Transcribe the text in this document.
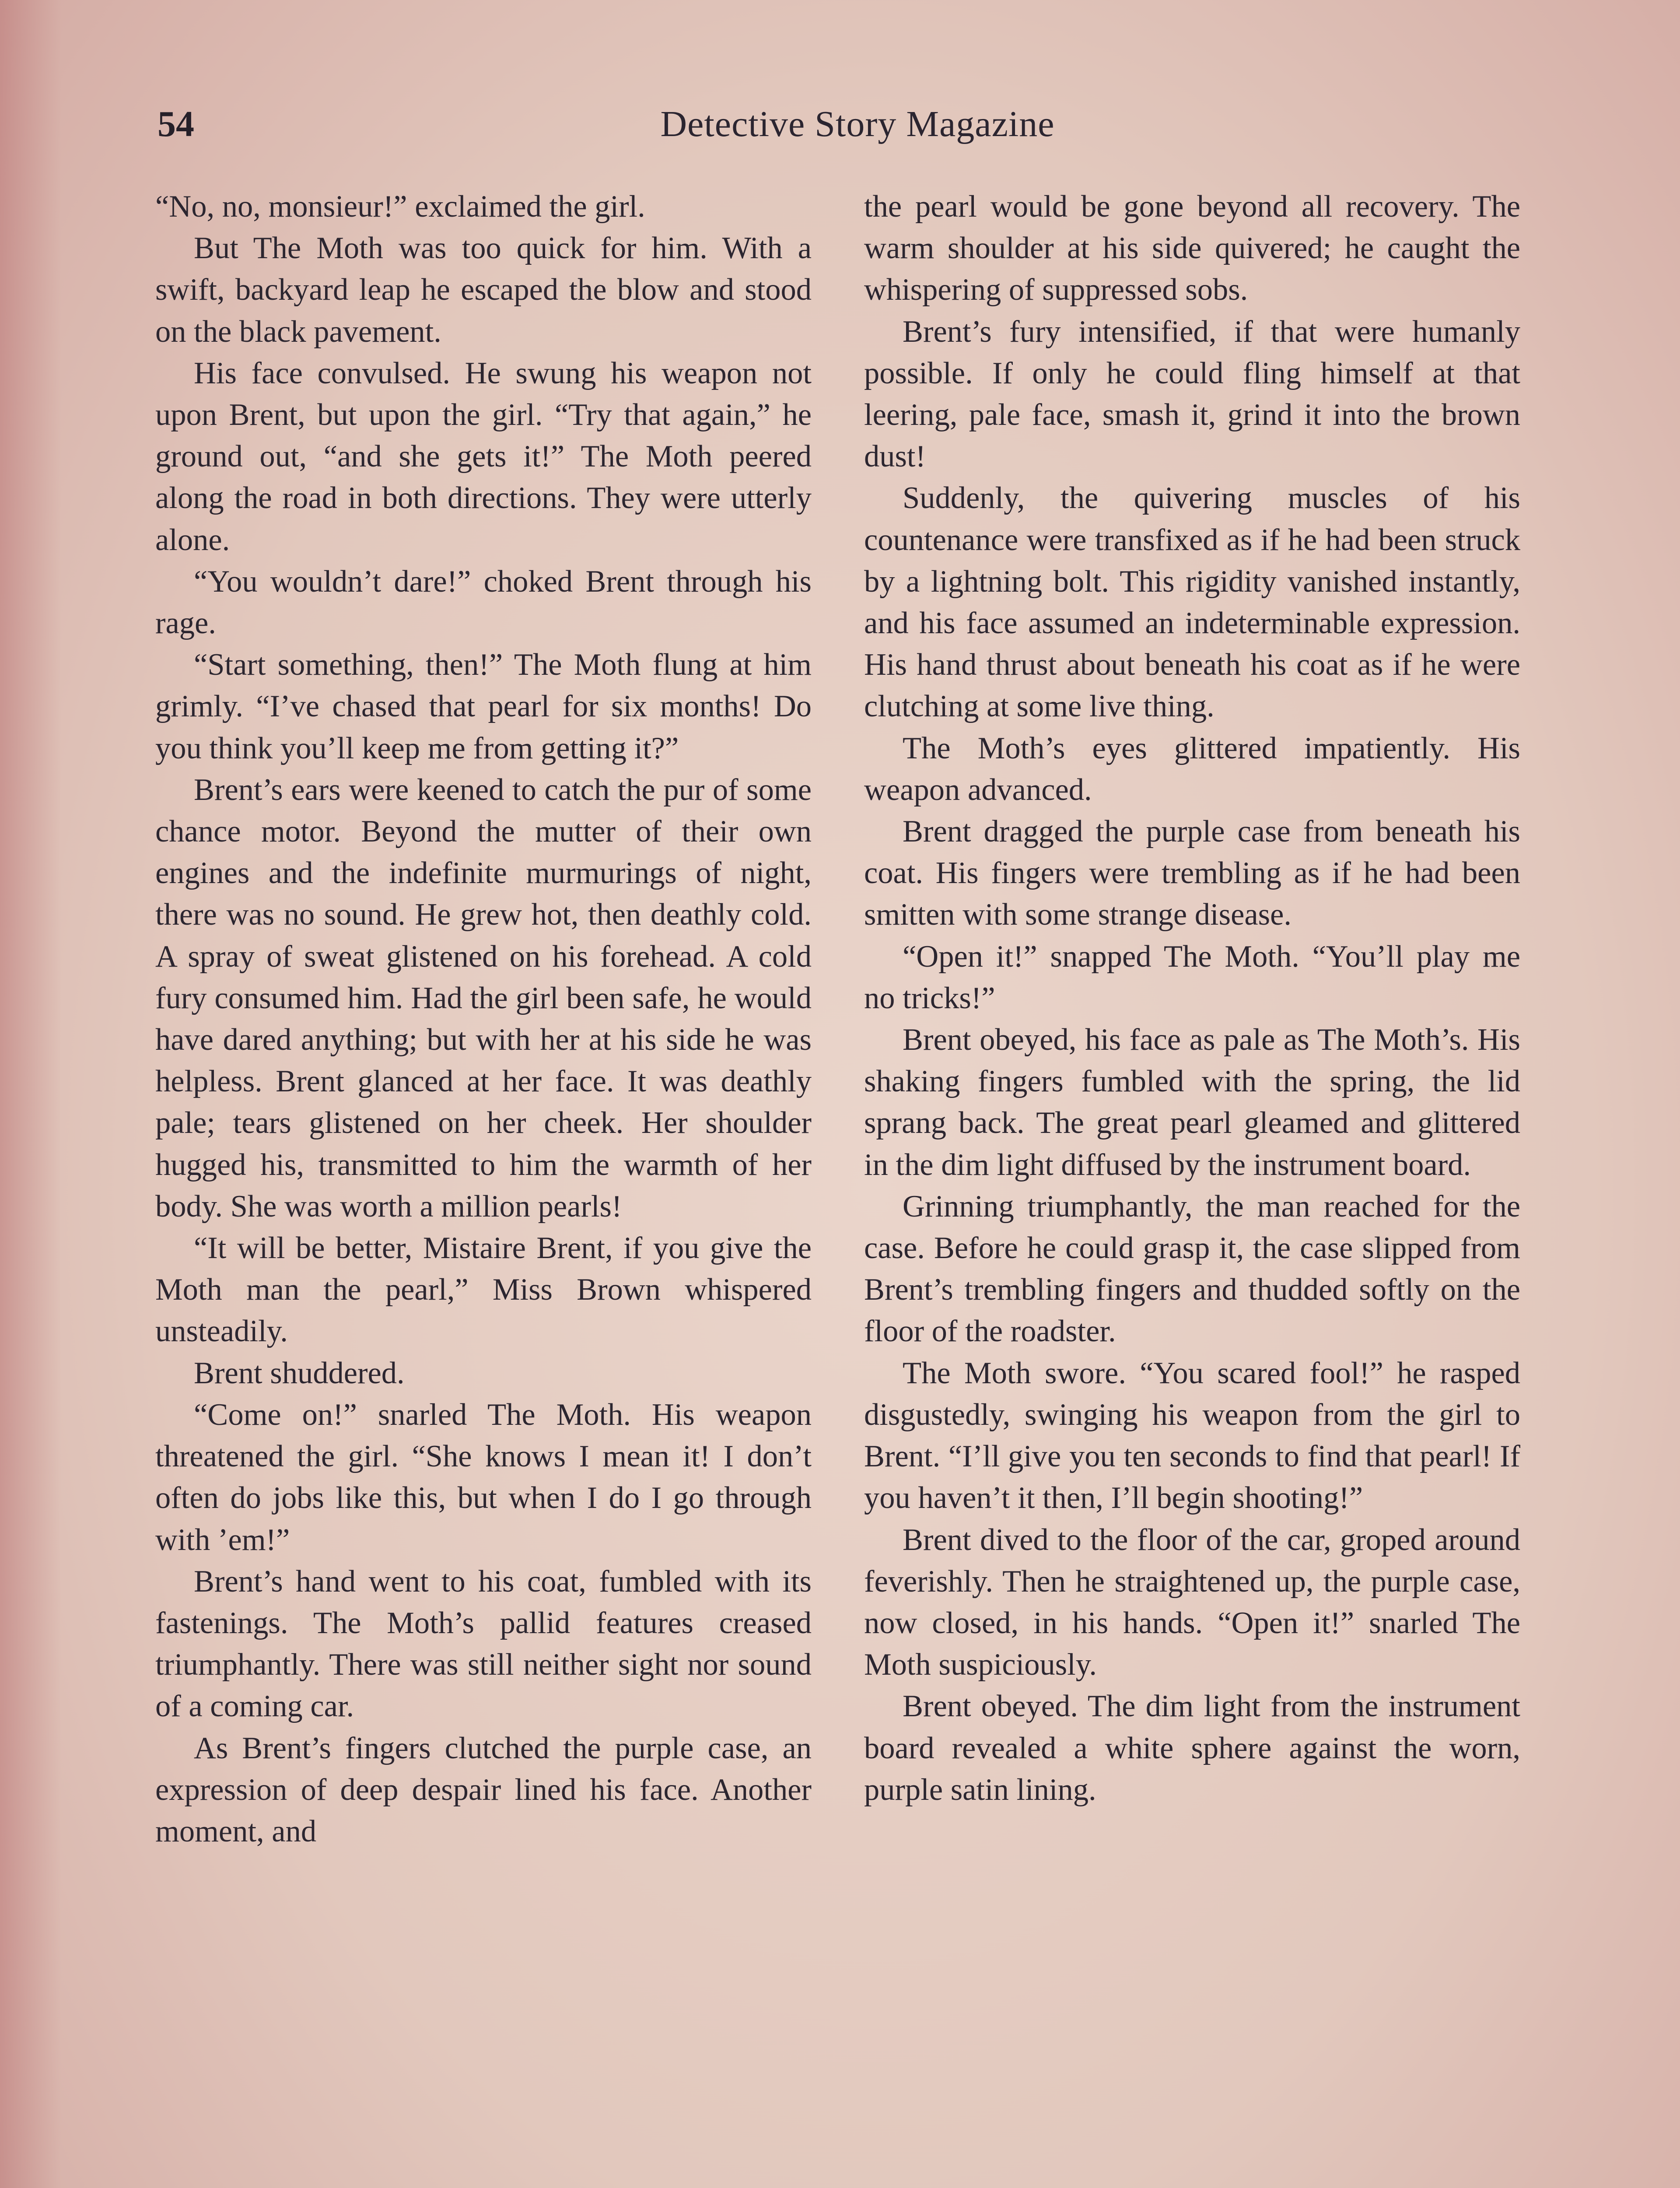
54	Detective Story Magazine

“No, no, monsieur!” exclaimed the girl.

But The Moth was too quick for him. With a swift, backyard leap he escaped the blow and stood on the black pavement.

His face convulsed. He swung his weapon not upon Brent, but upon the girl. “Try that again,” he ground out, “and she gets it!” The Moth peered along the road in both directions. They were utterly alone.

“You wouldn’t dare!” choked Brent through his rage.

“Start something, then!” The Moth flung at him grimly. “I’ve chased that pearl for six months! Do you think you’ll keep me from getting it?”

Brent’s ears were keened to catch the pur of some chance motor. Beyond the mutter of their own engines and the indefinite murmurings of night, there was no sound. He grew hot, then deathly cold. A spray of sweat glistened on his forehead. A cold fury consumed him. Had the girl been safe, he would have dared anything; but with her at his side he was helpless. Brent glanced at her face. It was deathly pale; tears glistened on her cheek. Her shoulder hugged his, transmitted to him the warmth of her body. She was worth a million pearls!

“It will be better, Mistaire Brent, if you give the Moth man the pearl,” Miss Brown whispered unsteadily.

Brent shuddered.

“Come on!” snarled The Moth. His weapon threatened the girl. “She knows I mean it! I don’t often do jobs like this, but when I do I go through with ’em!”

Brent’s hand went to his coat, fumbled with its fastenings. The Moth’s pallid features creased triumphantly. There was still neither sight nor sound of a coming car.

As Brent’s fingers clutched the purple case, an expression of deep despair lined his face. Another moment, and

the pearl would be gone beyond all recovery. The warm shoulder at his side quivered; he caught the whispering of suppressed sobs.

Brent’s fury intensified, if that were humanly possible. If only he could fling himself at that leering, pale face, smash it, grind it into the brown dust!

Suddenly, the quivering muscles of his countenance were transfixed as if he had been struck by a lightning bolt. This rigidity vanished instantly, and his face assumed an indeterminable expression. His hand thrust about beneath his coat as if he were clutching at some live thing.

The Moth’s eyes glittered impatiently. His weapon advanced.

Brent dragged the purple case from beneath his coat. His fingers were trembling as if he had been smitten with some strange disease.

“Open it!” snapped The Moth. “You’ll play me no tricks!”

Brent obeyed, his face as pale as The Moth’s. His shaking fingers fumbled with the spring, the lid sprang back. The great pearl gleamed and glittered in the dim light diffused by the instrument board.

Grinning triumphantly, the man reached for the case. Before he could grasp it, the case slipped from Brent’s trembling fingers and thudded softly on the floor of the roadster.

The Moth swore. “You scared fool!” he rasped disgustedly, swinging his weapon from the girl to Brent. “I’ll give you ten seconds to find that pearl! If you haven’t it then, I’ll begin shooting!”

Brent dived to the floor of the car, groped around feverishly. Then he straightened up, the purple case, now closed, in his hands. “Open it!” snarled The Moth suspiciously.

Brent obeyed. The dim light from the instrument board revealed a white sphere against the worn, purple satin lining.
